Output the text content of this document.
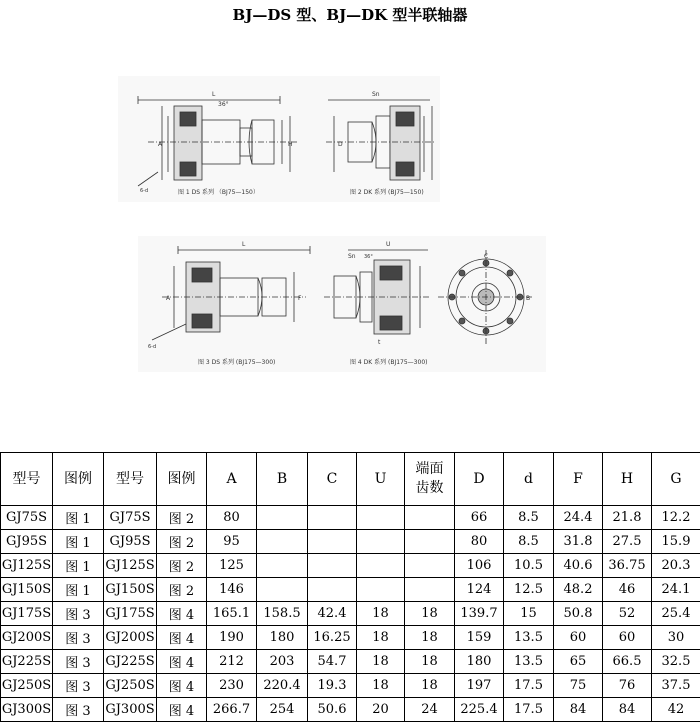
BJ—DS 型、BJ—DK 型半联轴器
L
A	H
36°
6-d
D
Sn
图 1 DS 系列 （BJ75—150）	图 2 DK 系列 (BJ75—150)
L
A	F
U
Sn 36°	C
B
t
6-d
图 3 DS 系列 (BJ175—300)	图 4 DK 系列 (BJ175—300)
型号	图例	型号	图例	A	B	C	U	端面齿数	D	d	F	H	G
GJ75S	图 1	GJ75S	图 2	80					66	8.5	24.4	21.8	12.2
GJ95S	图 1	GJ95S	图 2	95					80	8.5	31.8	27.5	15.9
GJ125S	图 1	GJ125S	图 2	125					106	10.5	40.6	36.75	20.3
GJ150S	图 1	GJ150S	图 2	146					124	12.5	48.2	46	24.1
GJ175S	图 3	GJ175S	图 4	165.1	158.5	42.4	18	18	139.7	15	50.8	52	25.4
GJ200S	图 3	GJ200S	图 4	190	180	16.25	18	18	159	13.5	60	60	30
GJ225S	图 3	GJ225S	图 4	212	203	54.7	18	18	180	13.5	65	66.5	32.5
GJ250S	图 3	GJ250S	图 4	230	220.4	19.3	18	18	197	17.5	75	76	37.5
GJ300S	图 3	GJ300S	图 4	266.7	254	50.6	20	24	225.4	17.5	84	84	42
